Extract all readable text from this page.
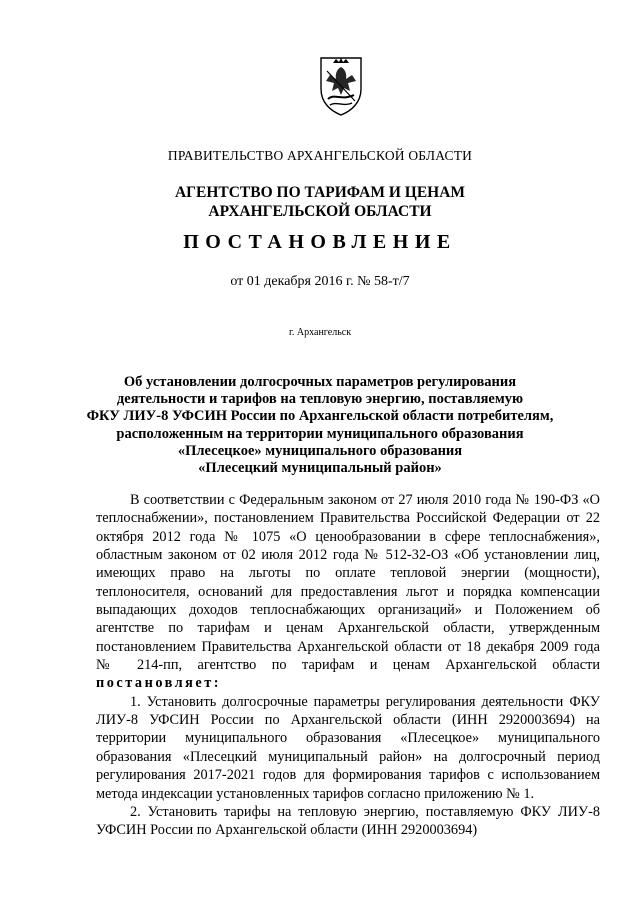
ПРАВИТЕЛЬСТВО АРХАНГЕЛЬСКОЙ ОБЛАСТИ
АГЕНТСТВО ПО ТАРИФАМ И ЦЕНАМ
АРХАНГЕЛЬСКОЙ ОБЛАСТИ
ПОСТАНОВЛЕНИЕ
от 01 декабря 2016 г. № 58-т/7
г. Архангельск
Об установлении долгосрочных параметров регулирования
деятельности и тарифов на тепловую энергию, поставляемую
ФКУ ЛИУ-8 УФСИН России по Архангельской области потребителям,
расположенным на территории муниципального образования
«Плесецкое» муниципального образования
«Плесецкий муниципальный район»

В соответствии с Федеральным законом от 27 июля 2010 года № 190-ФЗ «О теплоснабжении», постановлением Правительства Российской Федерации от 22 октября 2012 года № 1075 «О ценообразовании в сфере теплоснабжения», областным законом от 02 июля 2012 года № 512-32-ОЗ «Об установлении лиц, имеющих право на льготы по оплате тепловой энергии (мощности), теплоносителя, оснований для предоставления льгот и порядка компенсации выпадающих доходов теплоснабжающих организаций» и Положением об агентстве по тарифам и ценам Архангельской области, утвержденным постановлением Правительства Архангельской области от 18 декабря 2009 года № 214-пп, агентство по тарифам и ценам Архангельской области постановляет:

1. Установить долгосрочные параметры регулирования деятельности ФКУ ЛИУ-8 УФСИН России по Архангельской области (ИНН 2920003694) на территории муниципального образования «Плесецкое» муниципального образования «Плесецкий муниципальный район» на долгосрочный период регулирования 2017-2021 годов для формирования тарифов с использованием метода индексации установленных тарифов согласно приложению № 1.

2. Установить тарифы на тепловую энергию, поставляемую ФКУ ЛИУ-8 УФСИН России по Архангельской области (ИНН 2920003694)
